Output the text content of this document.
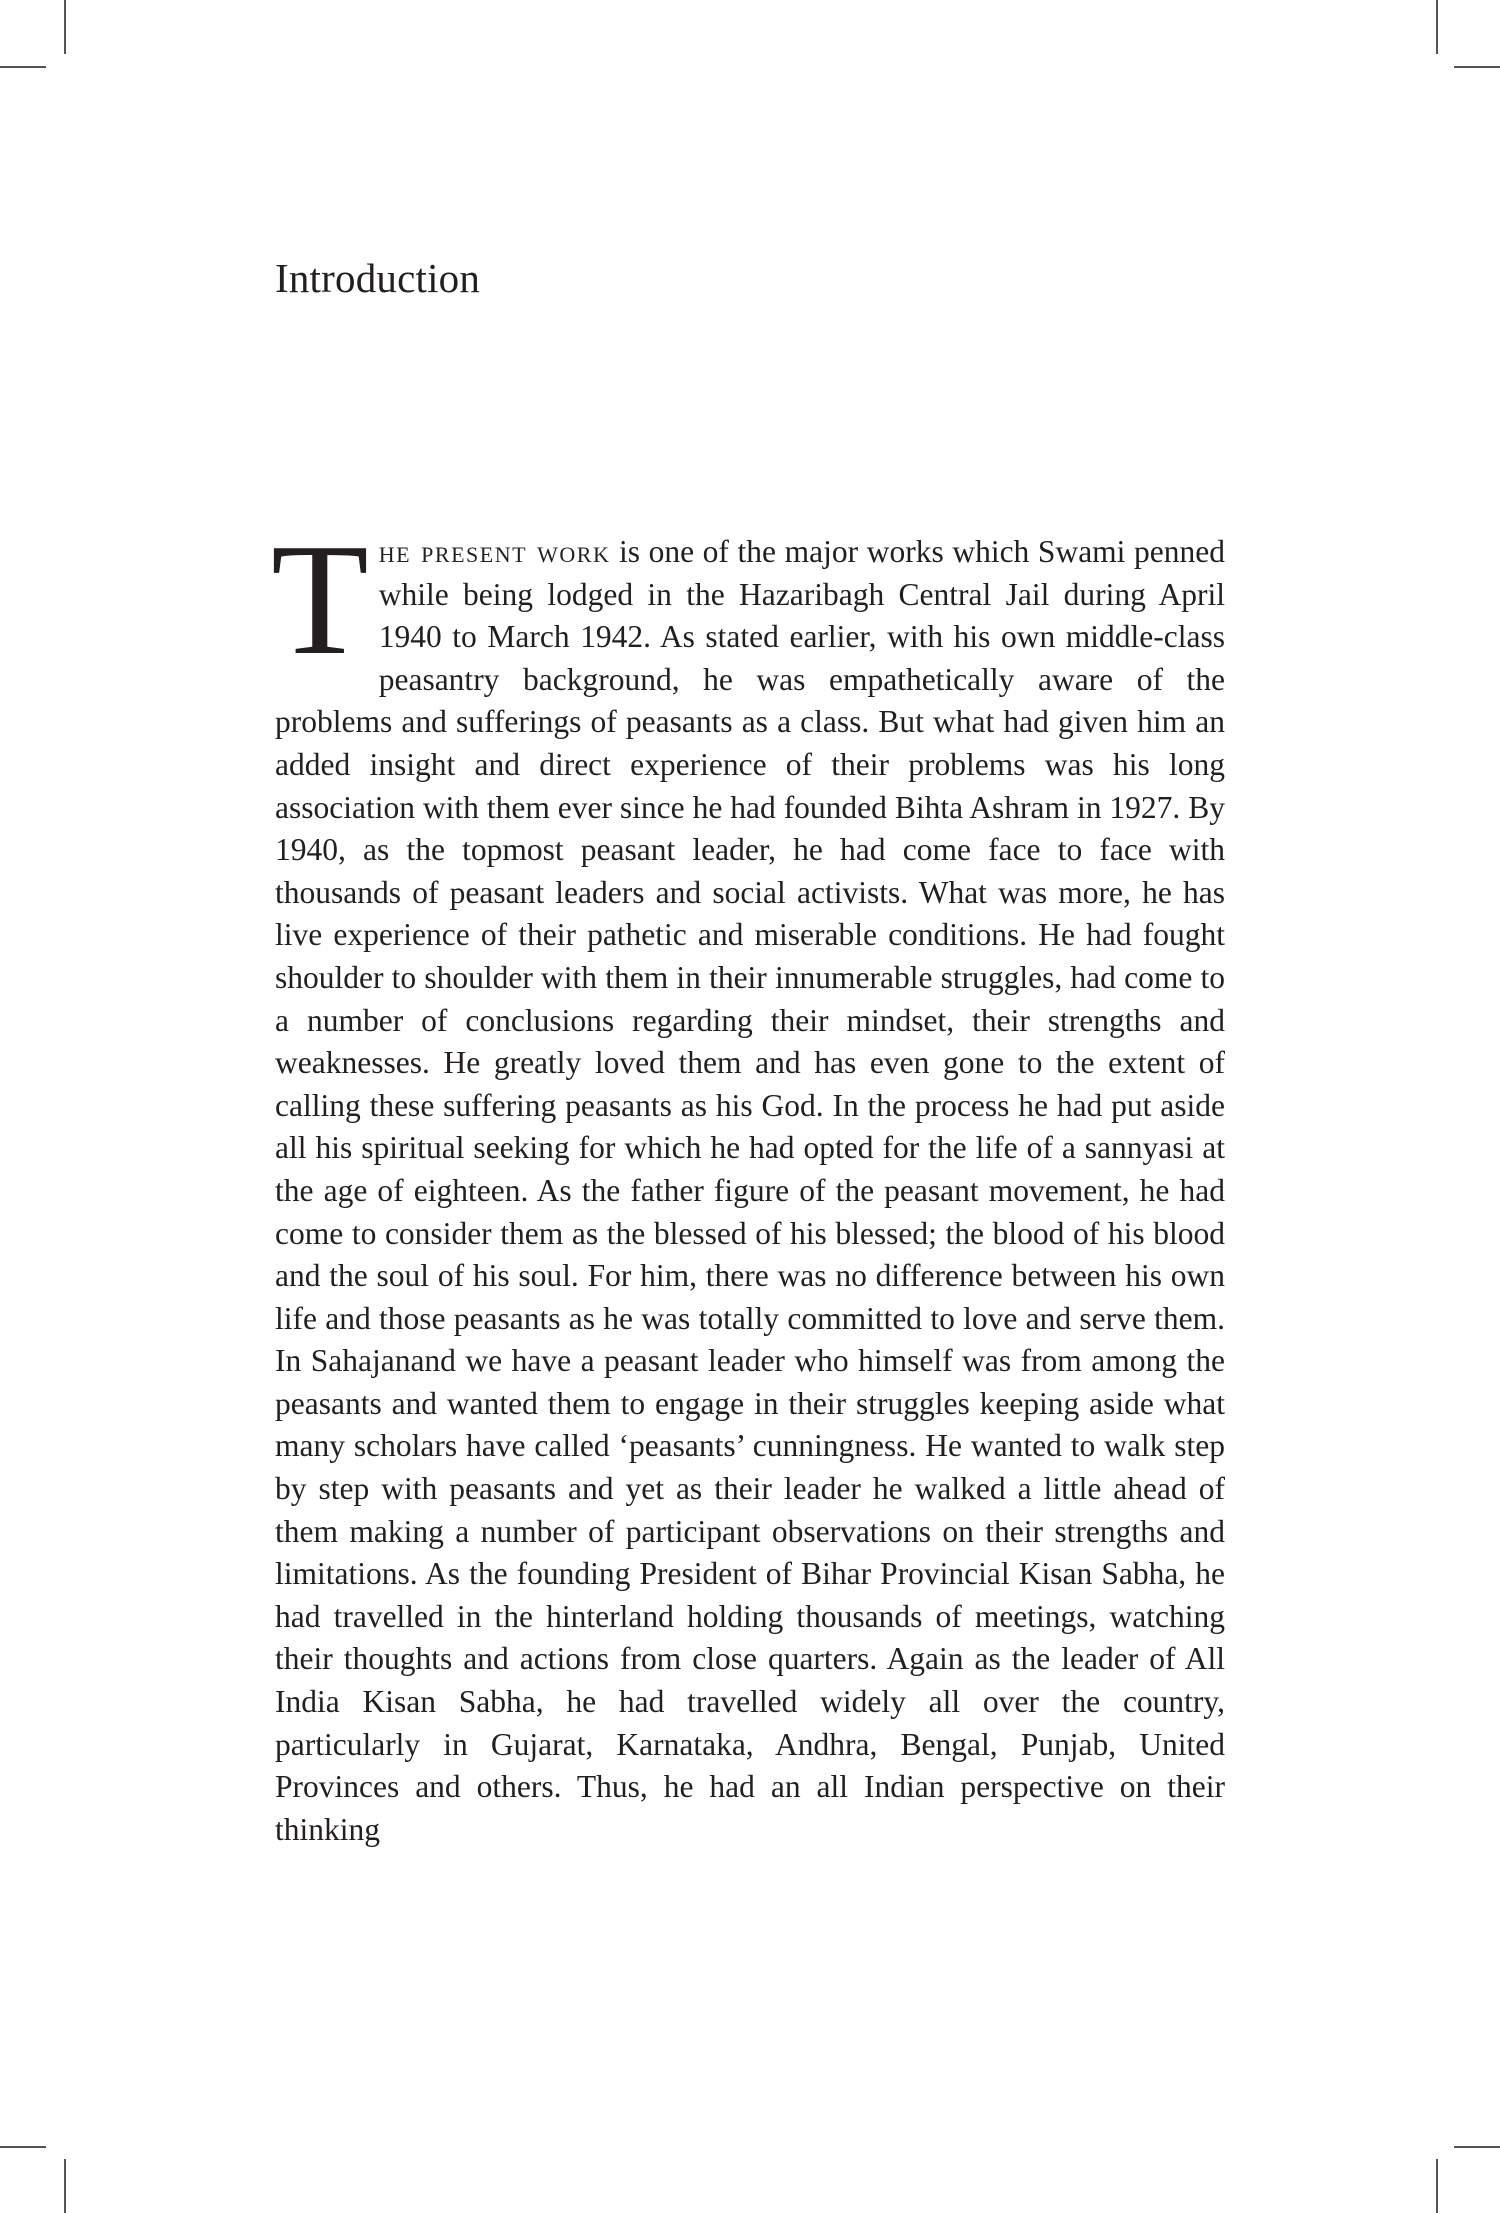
Introduction

The present work is one of the major works which Swami penned while being lodged in the Hazaribagh Central Jail during April 1940 to March 1942. As stated earlier, with his own middle-class peasantry background, he was empathetically aware of the problems and sufferings of peasants as a class. But what had given him an added insight and direct experience of their problems was his long association with them ever since he had founded Bihta Ashram in 1927. By 1940, as the topmost peasant leader, he had come face to face with thousands of peasant leaders and social activists. What was more, he has live experience of their pathetic and miserable conditions. He had fought shoulder to shoulder with them in their innumerable struggles, had come to a number of conclusions regarding their mindset, their strengths and weaknesses. He greatly loved them and has even gone to the extent of calling these suffering peasants as his God. In the process he had put aside all his spiritual seeking for which he had opted for the life of a sannyasi at the age of eighteen. As the father figure of the peasant movement, he had come to consider them as the blessed of his blessed; the blood of his blood and the soul of his soul. For him, there was no difference between his own life and those peasants as he was totally committed to love and serve them. In Sahajanand we have a peasant leader who himself was from among the peasants and wanted them to engage in their struggles keeping aside what many scholars have called ‘peasants’ cunningness. He wanted to walk step by step with peasants and yet as their leader he walked a little ahead of them making a number of participant observations on their strengths and limitations. As the founding President of Bihar Provincial Kisan Sabha, he had travelled in the hinterland holding thousands of meetings, watching their thoughts and actions from close quarters. Again as the leader of All India Kisan Sabha, he had travelled widely all over the country, particularly in Gujarat, Karnataka, Andhra, Bengal, Punjab, United Provinces and others. Thus, he had an all Indian perspective on their thinking
